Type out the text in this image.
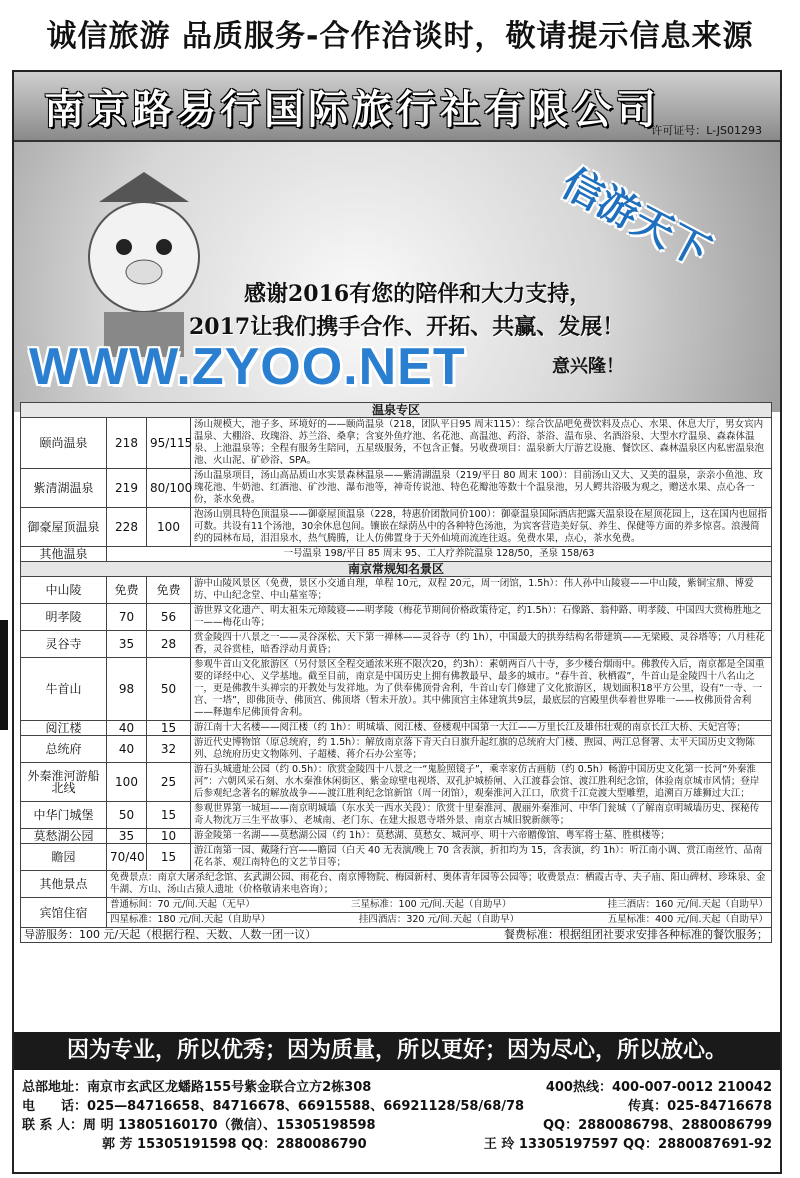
诚信旅游 品质服务-合作洽谈时，敬请提示信息来源
南京路易行国际旅行社有限公司
许可证号：L-JS01293
感谢2016有您的陪伴和大力支持，
2017让我们携手合作、开拓、共赢、发展！
WWW.ZYOO.NET	意兴隆！
信游天下
温泉专区			
颐尚温泉	218	95/115	汤山规模大，池子多、环境好的——颐尚温泉（218，团队平日95 周末115）：综合饮品吧免费饮料及点心、水果、休息大厅，男女宾内温泉、大棚浴、玫瑰浴、苏兰浴、桑拿；含宴外鱼疗池、名花池、高温池、药浴、茶浴、温布泉、名酒浴泉、大型水疗温泉、森森体温泉、上池温泉等；全程有服务生陪同，五星级服务，不包含正餐。另收费项目：温泉新大厅游艺设施、餐饮区、森林温泉区内私密温泉泡池、火山泥、矿砂浴、SPA。
紫清湖温泉	219	80/100	汤山温泉项目，汤山高品质山水实景森林温泉——紫清湖温泉（219/平日 80 周末 100）：目前汤山又大、又美的温泉，亲亲小鱼池、玫瑰花池、牛奶池、红酒池、矿沙池、瀑布池等，神奇传说池、特色花瓣池等数十个温泉池，另人鳄共浴吸为观之，赠送水果、点心各一份，茶水免费。
御豪屋顶温泉	228	100	泡汤山别具特色顶温泉——御豪屋顶温泉（228，特惠价团散同价100）：御豪温泉国际酒店把露天温泉设在屋顶花园上，这在国内也屈指可数。共设有11个汤池，30余休息包间。镶嵌在绿荫丛中的各种特色汤池，为宾客营造美好氛、养生、保健等方面的养多惊喜。浪漫简约的园林布局，泪泪泉水，热气腾腾，让人仿佛置身于天外仙境而流连往返。免费水果，点心，茶水免费。
其他温泉	一号温泉 198/平日 85 周末 95、工人疗养院温泉 128/50，圣泉 158/63		
南京常规知名景区			
中山陵	免费	免费	游中山陵风景区（免费，景区小交通自理，单程 10元，双程 20元，周一闭馆，1.5h）：伟人孙中山陵寝——中山陵，紫铜宝鼎、博爱坊、中山纪念堂、中山墓室等；
明孝陵	70	56	游世界文化遗产、明太祖朱元璋陵寝——明孝陵（梅花节期间价格政策待定，约1.5h）：石像路、翁仲路、明孝陵、中国四大赏梅胜地之一——梅花山等；
灵谷寺	35	28	赏金陵四十八景之一——灵谷深松、天下第一禅林——灵谷寺（约 1h），中国最大的拱券结构名带建筑——无梁殿、灵谷塔等；八月桂花香，灵谷赏桂，暗香浮动月黄昏；
牛首山	98	50	参观牛首山文化旅游区（另付景区全程交通浓米班不限次20，约3h）：素朝两百八十寺，多少楼台烟雨中。佛教传入后，南京都是全国重要的译经中心、义学基地。截至目前，南京是中国历史上拥有佛教最早、最多的城市。“春牛首、秋栖霞”，牛首山是金陵四十八名山之一，更是佛教牛头禅宗的开教处与发祥地。为了供奉佛顶骨舍利，牛首山专门修建了文化旅游区，规划面积18平方公里，设有“一寺、一宫、一塔”，即佛顶寺、佛顶宫、佛顶塔（暂未开放）。其中佛顶宫主体建筑共9层，最底层的宫殿里供奉着世界唯一——枚佛顶骨舍利——释迦牟尼佛顶骨舍利。
阅江楼	40	15	游江南十大名楼——阅江楼（约 1h）：明城墙、阅江楼、登楼观中国第一大江——万里长江及雄伟壮观的南京长江大桥、天妃宫等；
总统府	40	32	游近代史博物馆（原总统府，约 1.5h）：解放南京落下青天白日旗升起红旗的总统府大门楼、煦园、两江总督署、太平天国历史文物陈列、总统府历史文物陈列、子超楼、蒋介石办公室等；
外秦淮河游船北线	100	25	游石头城遗址公园（约 0.5h）：欣赏金陵四十八景之一“鬼脸照镜子”，乘幸家仿古画舫（约 0.5h）畅游中国历史文化第一长河“外秦淮河”：六朝风采石刻、水木秦淮休闲街区、紫金琼壁电视塔、双孔护城桥闸、入江渡暮会馆、渡江胜利纪念馆，体验南京城市风情；登岸后参观纪念著名的解放战争——渡江胜利纪念馆新馆（周一闭馆），观秦淮河入江口，欣赏千江竞渡大型雕塑，追溯百万雄狮过大江；
中华门城堡	50	15	参观世界第一城垣——南京明城墙（东水关一西水关段）：欣赏十里秦淮河、靓丽外秦淮河、中华门瓮城（了解南京明城墙历史、探秘传奇人物沈万三生平故事）、老城南、老门东、在建大报恩寺塔外景、南京古城旧貌新颜等；
莫愁湖公园	35	10	游金陵第一名湖——莫愁湖公园（约 1h）：莫愁湖、莫愁女、城河亭、明十六帝贈像馆、粤军将士墓、胜棋楼等；
瞻园	70/40	15	游江南第一园、戴隆行宫——瞻园（白天 40 无表演/晚上 70 含表演，折扣均为 15，含表演，约 1h）：听江南小调、赏江南丝竹、品南花名茶、观江南特色的文艺节目等；
其他景点	免费景点：南京大屠杀纪念馆、玄武湖公园、雨花台、南京博物院、梅园新村、奥体青年园等公园等；收费景点：栖霞古寺、夫子庙、阳山碑材、珍珠泉、金牛湖、方山、汤山古猿人遗址（价格敬请来电咨询）；		
宾馆住宿	普通标间：70 元/间.天起（无早） 三星标准：100 元/间.天起（自助早） 挂三酒店：160 元/间.天起（自助早）		

	四星标准：180 元/间.天起（自助早） 挂四酒店：320 元/间.天起（自助早） 五星标准：400 元/间.天起（自助早）		

导游服务：100 元/天起（根据行程、天数、人数一团一议） 餐费标准：根据组团社要求安排各种标准的餐饮服务；			
因为专业，所以优秀；因为质量，所以更好；因为尽心，所以放心。
总部地址：南京市玄武区龙蟠路155号紫金联合立方2栋308	400热线：400-007-0012 210042
电　　话：025—84716658、84716678、66915588、66921128/58/68/78	传真：025-84716678
联 系 人：周 明 13805160170（微信）、15305198598	QQ：2880086798、2880086799
郭 芳 15305191598 QQ：2880086790	王 玲 13305197597 QQ：2880087691-92
